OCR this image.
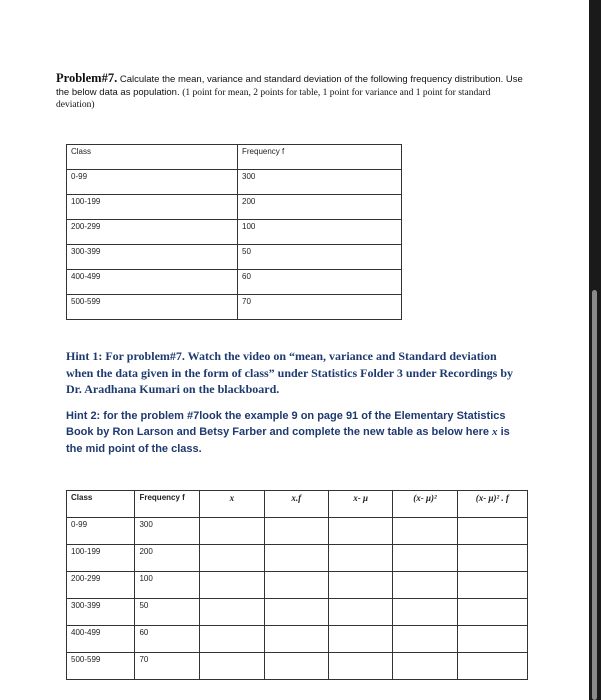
Problem#7. Calculate the mean, variance and standard deviation of the following frequency distribution. Use the below data as population. (1 point for mean, 2 points for table, 1 point for variance and 1 point for standard deviation)
Class	Frequency f
0-99	300
100-199	200
200-299	100
300-399	50
400-499	60
500-599	70

Hint 1: For problem#7. Watch the video on “mean, variance and Standard deviation when the data given in the form of class” under Statistics Folder 3 under Recordings by Dr. Aradhana Kumari on the blackboard.

Hint 2: for the problem #7look the example 9 on page 91 of the Elementary Statistics Book by Ron Larson and Betsy Farber and complete the new table as below here x is the mid point of the class.

Class	Frequency f	x	x.f	x- μ	(x- μ)²	(x- μ)² . f
0-99	300					
100-199	200					
200-299	100					
300-399	50					
400-499	60					
500-599	70					
